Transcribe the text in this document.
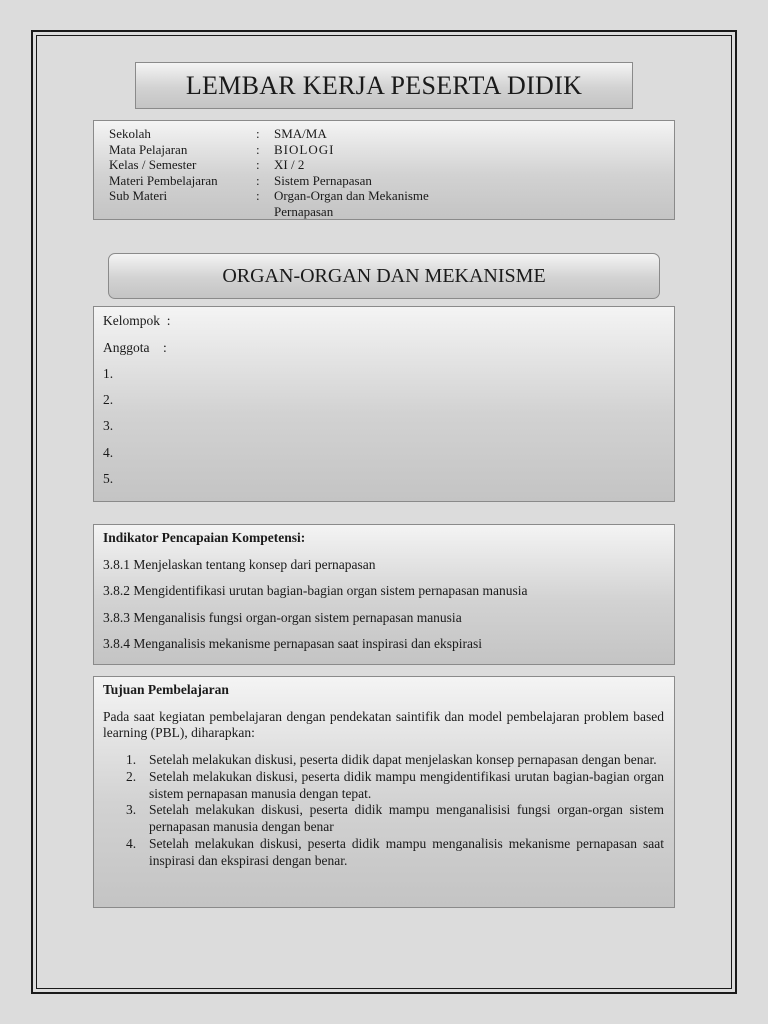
LEMBAR KERJA PESERTA DIDIK
Sekolah	: SMA/MA
Mata Pelajaran	: BIOLOGI
Kelas / Semester	: XI / 2
Materi Pembelajaran	: Sistem Pernapasan
Sub Materi	: Organ-Organ dan Mekanisme Pernapasan
ORGAN-ORGAN DAN MEKANISME
Kelompok  :
Anggota    :
1.
2.
3.
4.
5.
Indikator Pencapaian Kompetensi:
3.8.1 Menjelaskan tentang konsep dari pernapasan
3.8.2 Mengidentifikasi urutan bagian-bagian organ sistem pernapasan manusia
3.8.3 Menganalisis fungsi organ-organ sistem pernapasan manusia
3.8.4 Menganalisis mekanisme pernapasan saat inspirasi dan ekspirasi
Tujuan Pembelajaran
Pada saat kegiatan pembelajaran dengan pendekatan saintifik dan model pembelajaran problem based learning (PBL), diharapkan:
1. Setelah melakukan diskusi, peserta didik dapat menjelaskan konsep pernapasan dengan benar.
2. Setelah melakukan diskusi, peserta didik mampu mengidentifikasi urutan bagian-bagian organ sistem pernapasan manusia dengan tepat.
3. Setelah melakukan diskusi, peserta didik mampu menganalisisi fungsi organ-organ sistem pernapasan manusia dengan benar
4. Setelah melakukan diskusi, peserta didik mampu menganalisis mekanisme pernapasan saat inspirasi dan ekspirasi dengan benar.
